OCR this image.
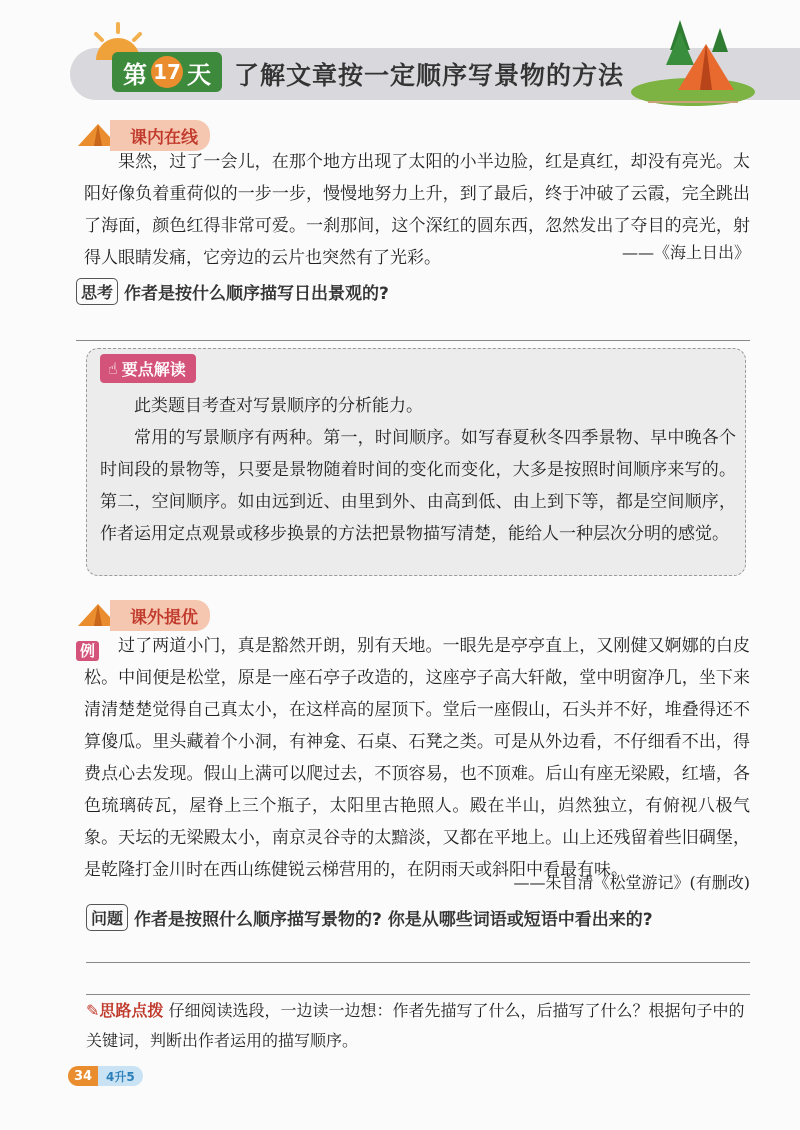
第 17 天 了解文章按一定顺序写景物的方法
课内在线
果然，过了一会儿，在那个地方出现了太阳的小半边脸，红是真红，却没有亮光。太阳好像负着重荷似的一步一步，慢慢地努力上升，到了最后，终于冲破了云霞，完全跳出了海面，颜色红得非常可爱。一刹那间，这个深红的圆东西，忽然发出了夺目的亮光，射得人眼睛发痛，它旁边的云片也突然有了光彩。	——《海上日出》
思考 作者是按什么顺序描写日出景观的?
☝ 要点解读
此类题目考查对写景顺序的分析能力。
常用的写景顺序有两种。第一，时间顺序。如写春夏秋冬四季景物、早中晚各个时间段的景物等，只要是景物随着时间的变化而变化，大多是按照时间顺序来写的。第二，空间顺序。如由远到近、由里到外、由高到低、由上到下等，都是空间顺序，作者运用定点观景或移步换景的方法把景物描写清楚，能给人一种层次分明的感觉。
课外提优
例	过了两道小门，真是豁然开朗，别有天地。一眼先是亭亭直上，又刚健又婀娜的白皮松。中间便是松堂，原是一座石亭子改造的，这座亭子高大轩敞，堂中明窗净几，坐下来清清楚楚觉得自己真太小，在这样高的屋顶下。堂后一座假山，石头并不好，堆叠得还不算傻瓜。里头藏着个小洞，有神龛、石桌、石凳之类。可是从外边看，不仔细看不出，得费点心去发现。假山上满可以爬过去，不顶容易，也不顶难。后山有座无梁殿，红墙，各色琉璃砖瓦，屋脊上三个瓶子，太阳里古艳照人。殿在半山，岿然独立，有俯视八极气象。天坛的无梁殿太小，南京灵谷寺的太黯淡，又都在平地上。山上还残留着些旧碉堡，是乾隆打金川时在西山练健锐云梯营用的，在阴雨天或斜阳中看最有味。
——朱自清《松堂游记》(有删改)
问题 作者是按照什么顺序描写景物的? 你是从哪些词语或短语中看出来的?
✎思路点拨 仔细阅读选段，一边读一边想：作者先描写了什么，后描写了什么？根据句子中的关键词，判断出作者运用的描写顺序。
34	4升5
